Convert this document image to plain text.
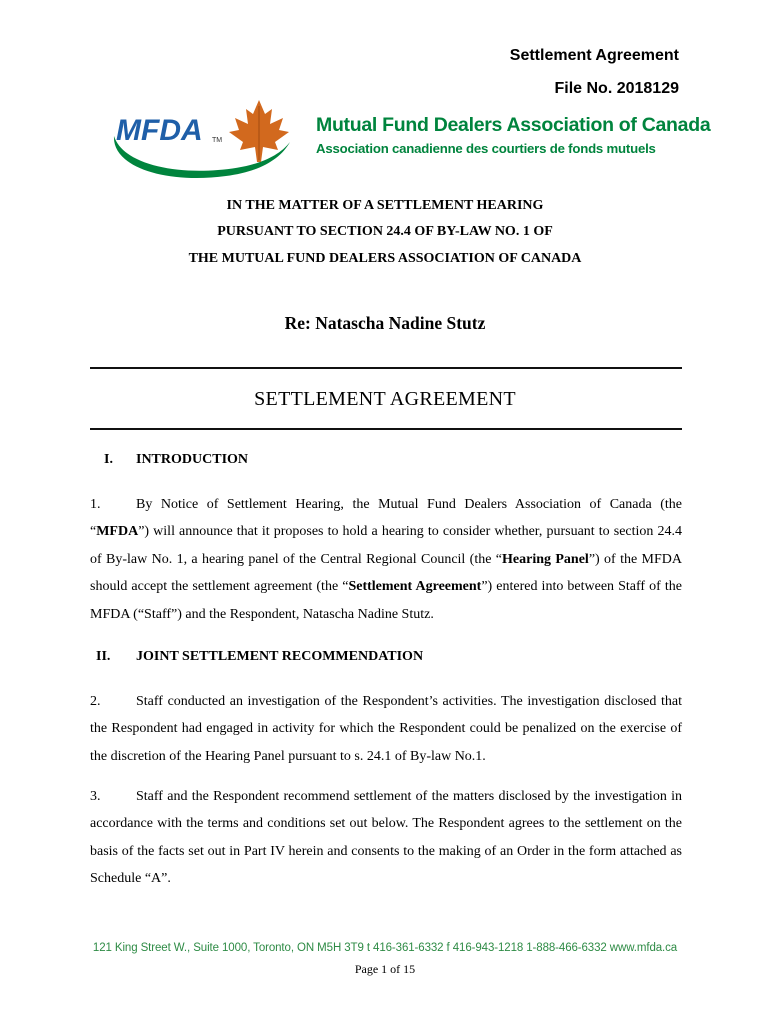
Settlement Agreement
File No. 2018129
MFDA TM
Mutual Fund Dealers Association of Canada
Association canadienne des courtiers de fonds mutuels
IN THE MATTER OF A SETTLEMENT HEARING
PURSUANT TO SECTION 24.4 OF BY-LAW NO. 1 OF
THE MUTUAL FUND DEALERS ASSOCIATION OF CANADA
Re: Natascha Nadine Stutz
SETTLEMENT AGREEMENT
I. INTRODUCTION
1.	By Notice of Settlement Hearing, the Mutual Fund Dealers Association of Canada (the “MFDA”) will announce that it proposes to hold a hearing to consider whether, pursuant to section 24.4 of By-law No. 1, a hearing panel of the Central Regional Council (the “Hearing Panel”) of the MFDA should accept the settlement agreement (the “Settlement Agreement”) entered into between Staff of the MFDA (“Staff”) and the Respondent, Natascha Nadine Stutz.
II. JOINT SETTLEMENT RECOMMENDATION
2.	Staff conducted an investigation of the Respondent’s activities. The investigation disclosed that the Respondent had engaged in activity for which the Respondent could be penalized on the exercise of the discretion of the Hearing Panel pursuant to s. 24.1 of By-law No.1.
3.	Staff and the Respondent recommend settlement of the matters disclosed by the investigation in accordance with the terms and conditions set out below. The Respondent agrees to the settlement on the basis of the facts set out in Part IV herein and consents to the making of an Order in the form attached as Schedule “A”.
121 King Street W., Suite 1000, Toronto, ON M5H 3T9 t 416-361-6332 f 416-943-1218 1-888-466-6332 www.mfda.ca
Page 1 of 15
